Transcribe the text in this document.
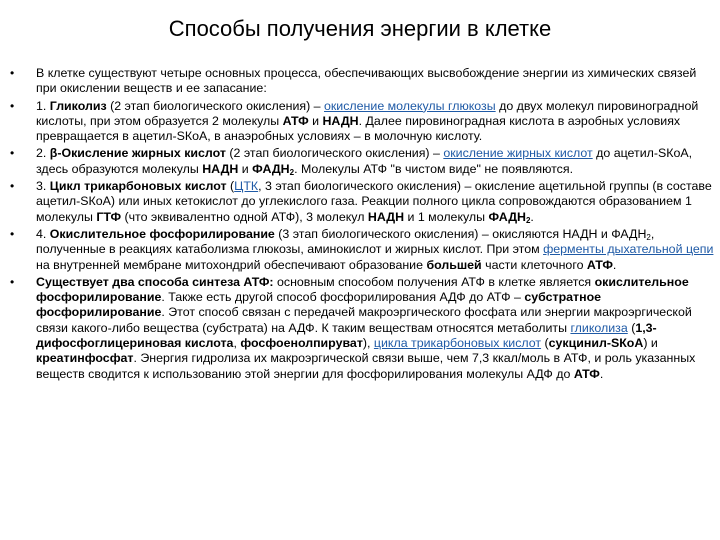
Способы получения энергии в клетке
• В клетке существуют четыре основных процесса, обеспечивающих высвобождение энергии из химических связей при окислении веществ и ее запасание:
• 1. Гликолиз (2 этап биологического окисления) – окисление молекулы глюкозы до двух молекул пировиноградной кислоты, при этом образуется 2 молекулы АТФ и НАДН. Далее пировиноградная кислота в аэробных условиях превращается в ацетил-SКоА, в анаэробных условиях – в молочную кислоту.
• 2. β-Окисление жирных кислот (2 этап биологического окисления) – окисление жирных кислот до ацетил-SКоА, здесь образуются молекулы НАДН и $ФАДН_2$. Молекулы АТФ "в чистом виде" не появляются.
• 3. Цикл трикарбоновых кислот (ЦТК, 3 этап биологического окисления) – окисление ацетильной группы (в составе ацетил-SКоА) или иных кетокислот до углекислого газа. Реакции полного цикла сопровождаются образованием 1 молекулы ГТФ (что эквивалентно одной АТФ), 3 молекул НАДН и 1 молекулы $ФАДН_2$.
• 4. Окислительное фосфорилирование (3 этап биологического окисления) – окисляются НАДН и $ФАДН_2$, полученные в реакциях катаболизма глюкозы, аминокислот и жирных кислот. При этом ферменты дыхательной цепи на внутренней мембране митохондрий обеспечивают образование большей части клеточного АТФ.
• Существует два способа синтеза АТФ: основным способом получения АТФ в клетке является окислительное фосфорилирование. Также есть другой способ фосфорилирования АДФ до АТФ – субстратное фосфорилирование. Этот способ связан с передачей макроэргического фосфата или энергии макроэргической связи какого-либо вещества (субстрата) на АДФ. К таким веществам относятся метаболиты гликолиза (1,3-дифосфоглицериновая кислота, фосфоенолпируват), цикла трикарбоновых кислот (сукцинил-SКоА) и креатинфосфат. Энергия гидролиза их макроэргической связи выше, чем 7,3 ккал/моль в АТФ, и роль указанных веществ сводится к использованию этой энергии для фосфорилирования молекулы АДФ до АТФ.
